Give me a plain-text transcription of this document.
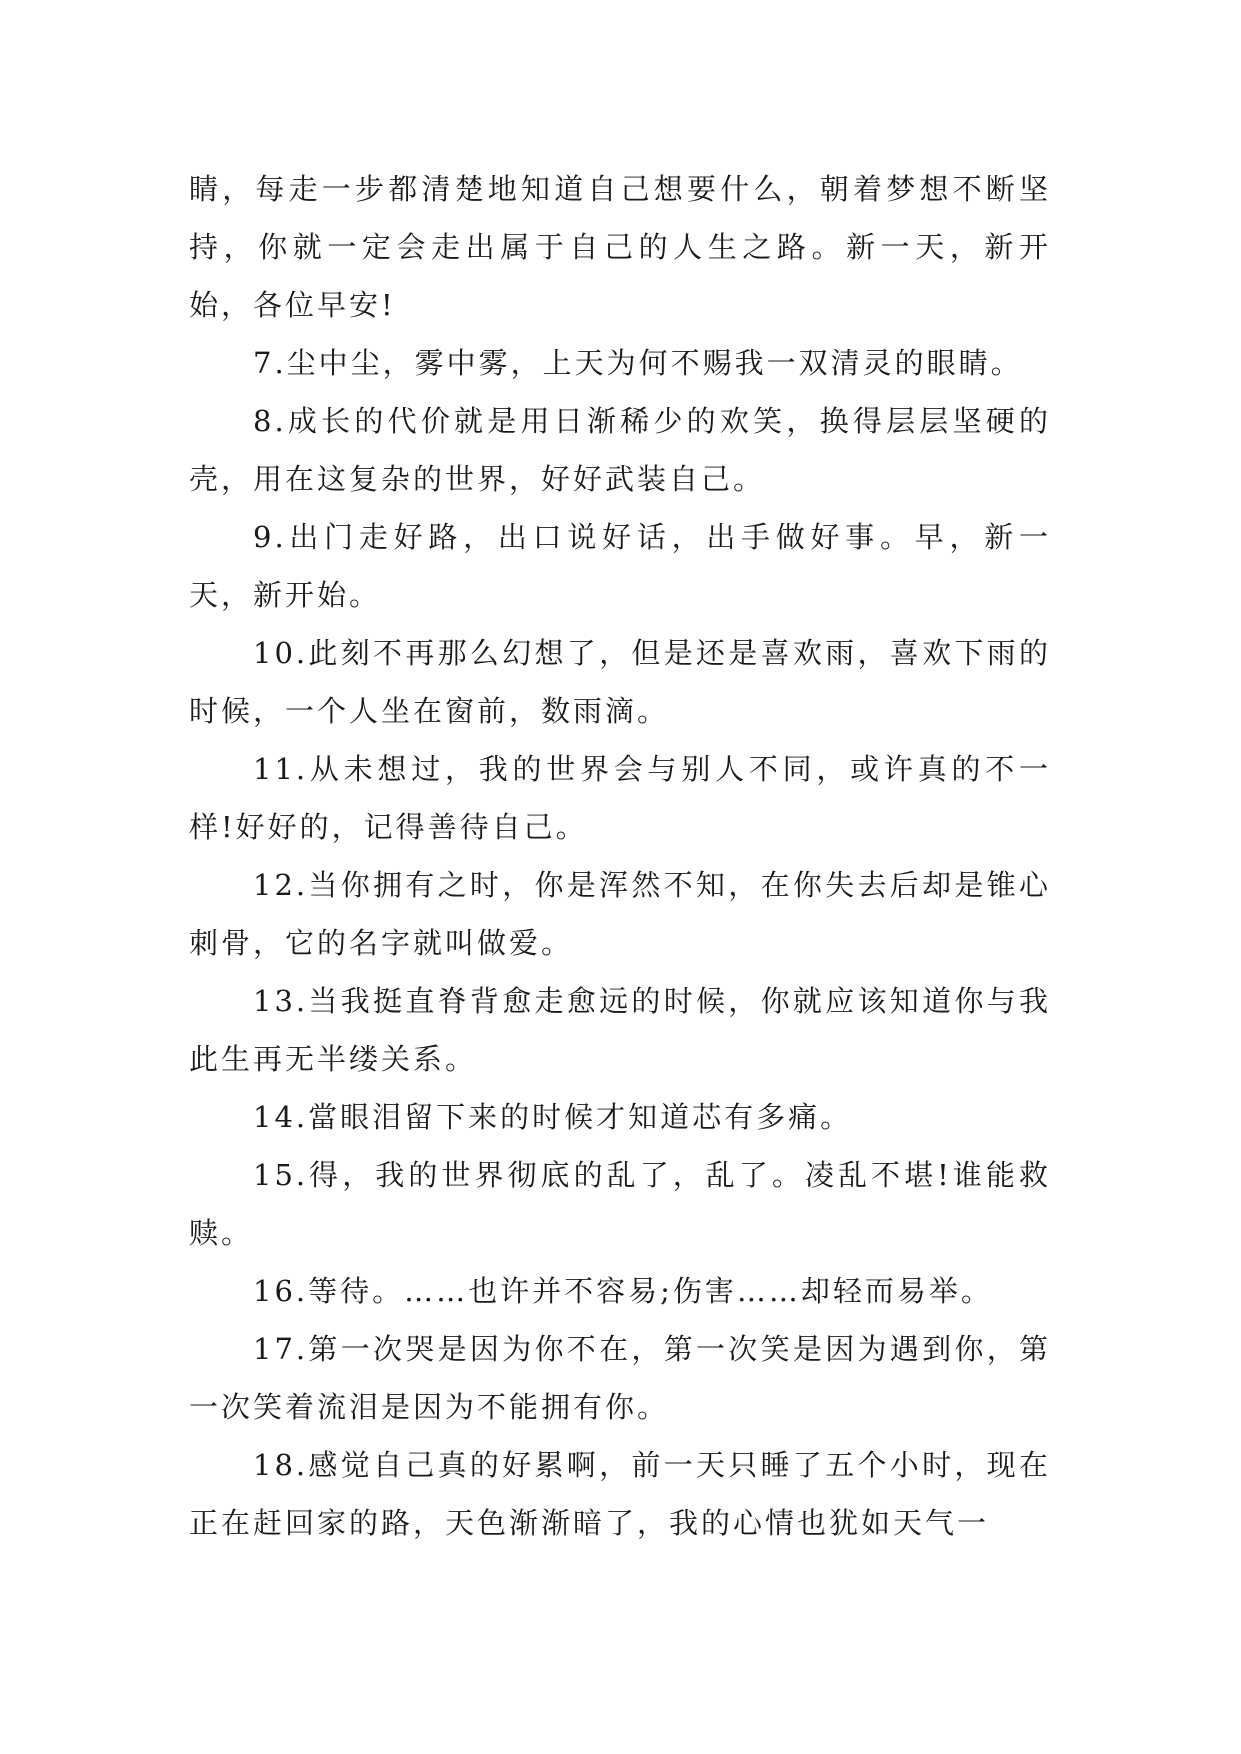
睛，每走一步都清楚地知道自己想要什么，朝着梦想不断坚持，你就一定会走出属于自己的人生之路。新一天，新开始，各位早安!

7.尘中尘，雾中雾，上天为何不赐我一双清灵的眼睛。

8.成长的代价就是用日渐稀少的欢笑，换得层层坚硬的壳，用在这复杂的世界，好好武装自己。

9.出门走好路，出口说好话，出手做好事。早，新一天，新开始。

10.此刻不再那么幻想了，但是还是喜欢雨，喜欢下雨的时候，一个人坐在窗前，数雨滴。

11.从未想过，我的世界会与别人不同，或许真的不一样!好好的，记得善待自己。

12.当你拥有之时，你是浑然不知，在你失去后却是锥心刺骨，它的名字就叫做爱。

13.当我挺直脊背愈走愈远的时候，你就应该知道你与我此生再无半缕关系。

14.當眼泪留下来的时候才知道芯有多痛。

15.得，我的世界彻底的乱了，乱了。凌乱不堪!谁能救赎。

16.等待。……也许并不容易;伤害……却轻而易举。

17.第一次哭是因为你不在，第一次笑是因为遇到你，第一次笑着流泪是因为不能拥有你。

18.感觉自己真的好累啊，前一天只睡了五个小时，现在正在赶回家的路，天色渐渐暗了，我的心情也犹如天气一
